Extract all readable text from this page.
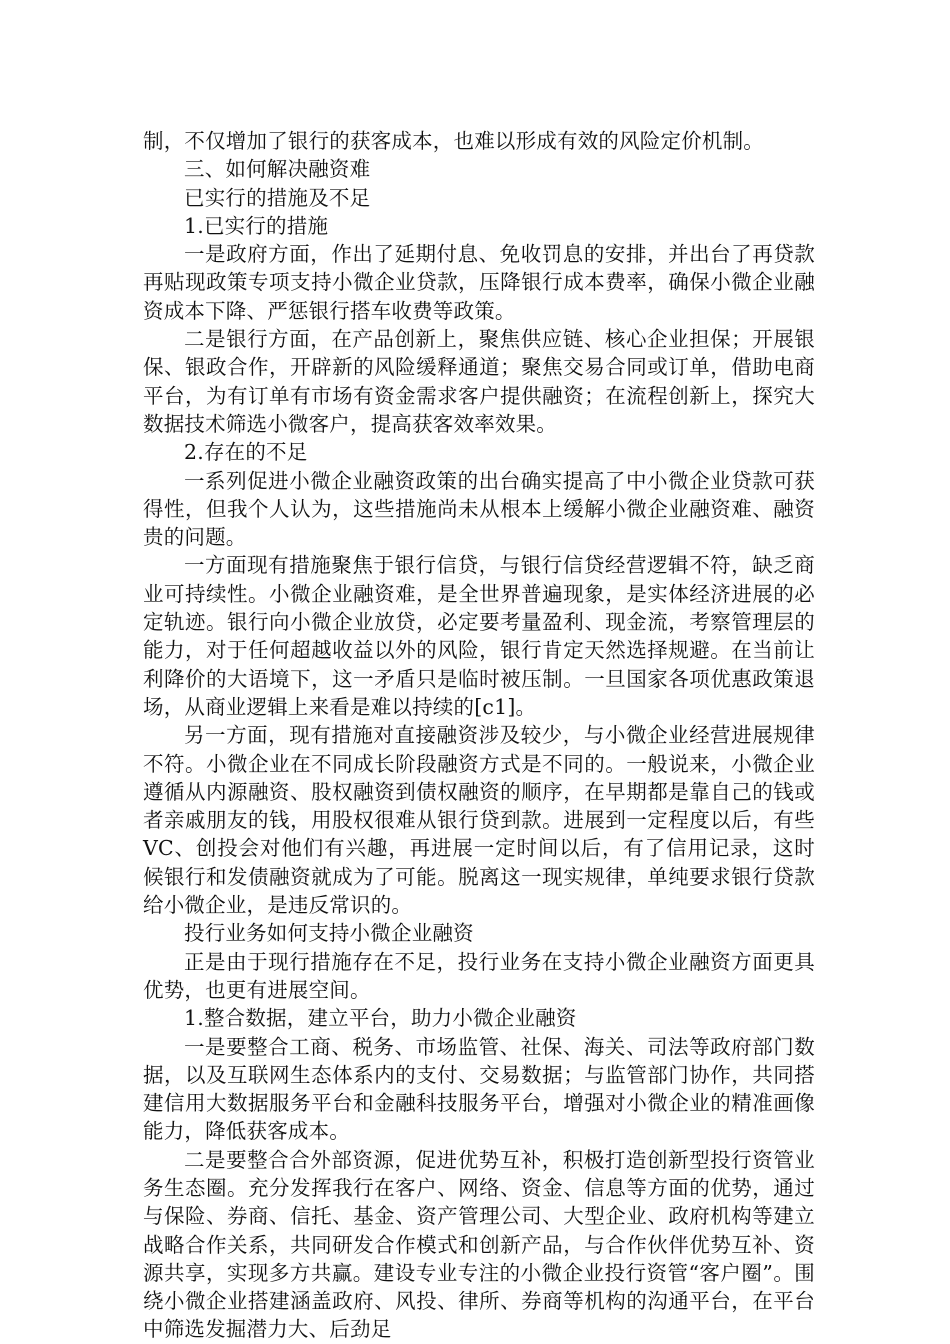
制，不仅增加了银行的获客成本，也难以形成有效的风险定价机制。

三、如何解决融资难

已实行的措施及不足

1.已实行的措施

一是政府方面，作出了延期付息、免收罚息的安排，并出台了再贷款再贴现政策专项支持小微企业贷款，压降银行成本费率，确保小微企业融资成本下降、严惩银行搭车收费等政策。

二是银行方面，在产品创新上，聚焦供应链、核心企业担保；开展银保、银政合作，开辟新的风险缓释通道；聚焦交易合同或订单，借助电商平台，为有订单有市场有资金需求客户提供融资；在流程创新上，探究大数据技术筛选小微客户，提高获客效率效果。

2.存在的不足

一系列促进小微企业融资政策的出台确实提高了中小微企业贷款可获得性，但我个人认为，这些措施尚未从根本上缓解小微企业融资难、融资贵的问题。

一方面现有措施聚焦于银行信贷，与银行信贷经营逻辑不符，缺乏商业可持续性。小微企业融资难，是全世界普遍现象，是实体经济进展的必定轨迹。银行向小微企业放贷，必定要考量盈利、现金流，考察管理层的能力，对于任何超越收益以外的风险，银行肯定天然选择规避。在当前让利降价的大语境下，这一矛盾只是临时被压制。一旦国家各项优惠政策退场，从商业逻辑上来看是难以持续的[c1]。

另一方面，现有措施对直接融资涉及较少，与小微企业经营进展规律不符。小微企业在不同成长阶段融资方式是不同的。一般说来，小微企业遵循从内源融资、股权融资到债权融资的顺序，在早期都是靠自己的钱或者亲戚朋友的钱，用股权很难从银行贷到款。进展到一定程度以后，有些VC、创投会对他们有兴趣，再进展一定时间以后，有了信用记录，这时候银行和发债融资就成为了可能。脱离这一现实规律，单纯要求银行贷款给小微企业，是违反常识的。

投行业务如何支持小微企业融资

正是由于现行措施存在不足，投行业务在支持小微企业融资方面更具优势，也更有进展空间。

1.整合数据，建立平台，助力小微企业融资

一是要整合工商、税务、市场监管、社保、海关、司法等政府部门数据，以及互联网生态体系内的支付、交易数据；与监管部门协作，共同搭建信用大数据服务平台和金融科技服务平台，增强对小微企业的精准画像能力，降低获客成本。

二是要整合合外部资源，促进优势互补，积极打造创新型投行资管业务生态圈。充分发挥我行在客户、网络、资金、信息等方面的优势，通过与保险、券商、信托、基金、资产管理公司、大型企业、政府机构等建立战略合作关系，共同研发合作模式和创新产品，与合作伙伴优势互补、资源共享，实现多方共赢。建设专业专注的小微企业投行资管“客户圈”。围绕小微企业搭建涵盖政府、风投、律所、券商等机构的沟通平台，在平台中筛选发掘潜力大、后劲足
